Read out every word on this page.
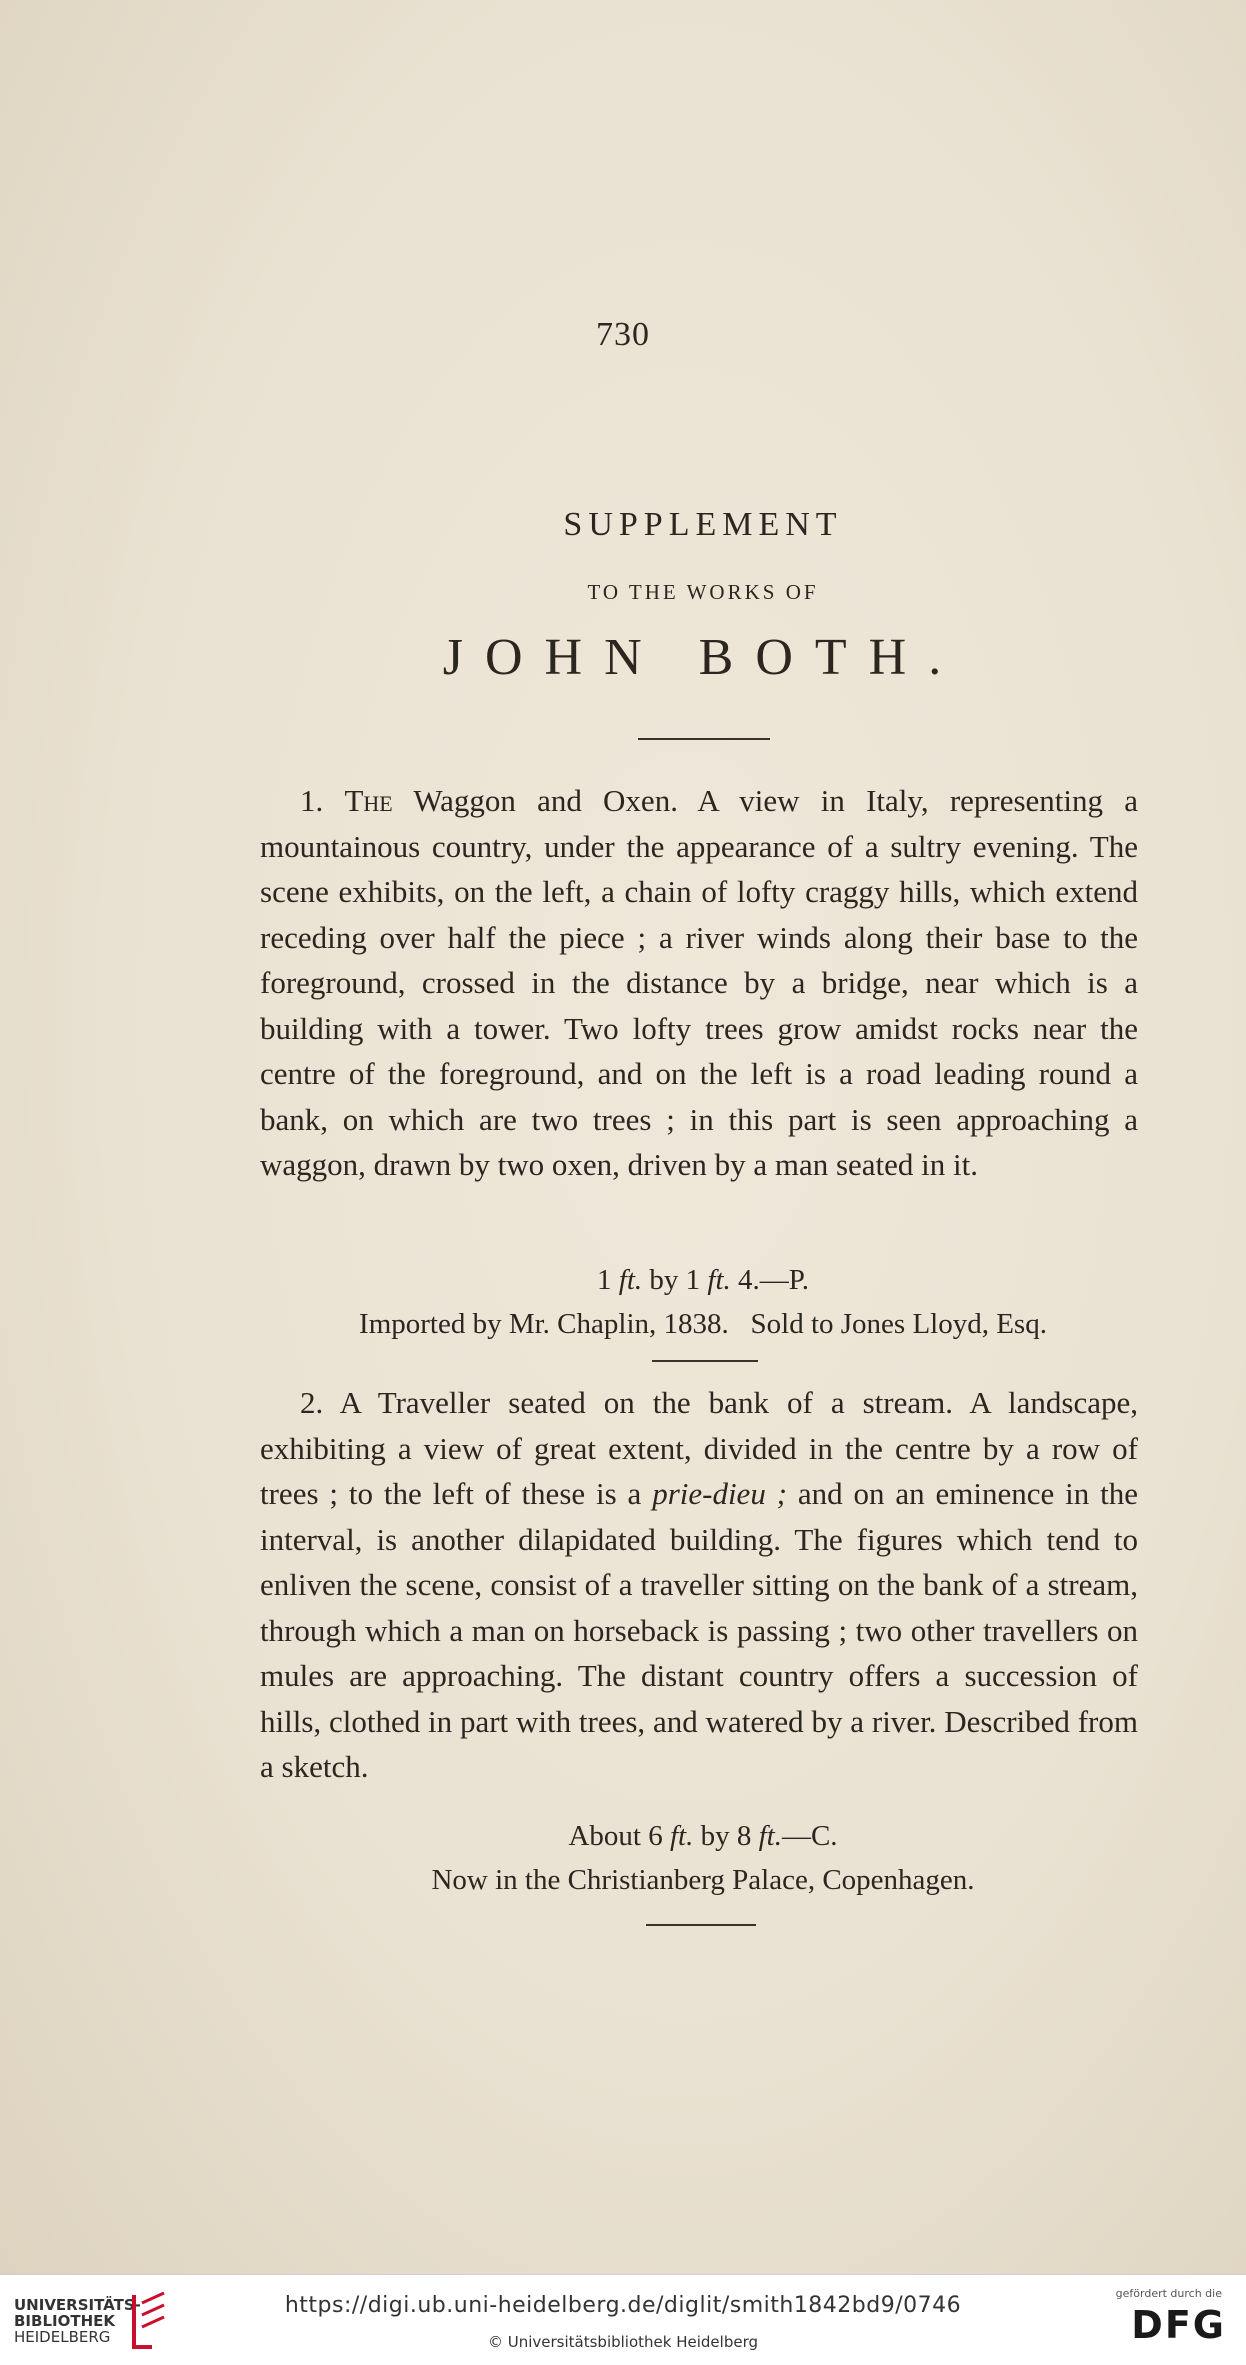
730
SUPPLEMENT
TO THE WORKS OF
JOHN BOTH.
1. The Waggon and Oxen. A view in Italy, representing a mountainous country, under the appearance of a sultry evening. The scene exhibits, on the left, a chain of lofty craggy hills, which extend receding over half the piece ; a river winds along their base to the foreground, crossed in the distance by a bridge, near which is a building with a tower. Two lofty trees grow amidst rocks near the centre of the foreground, and on the left is a road leading round a bank, on which are two trees ; in this part is seen approaching a waggon, drawn by two oxen, driven by a man seated in it.
1 ft. by 1 ft. 4.—P.
Imported by Mr. Chaplin, 1838.   Sold to Jones Lloyd, Esq.
2. A Traveller seated on the bank of a stream. A landscape, exhibiting a view of great extent, divided in the centre by a row of trees ; to the left of these is a prie-dieu ; and on an eminence in the interval, is another dilapidated building. The figures which tend to enliven the scene, consist of a traveller sitting on the bank of a stream, through which a man on horseback is passing ; two other travellers on mules are approaching. The distant country offers a succession of hills, clothed in part with trees, and watered by a river. Described from a sketch.
About 6 ft. by 8 ft.—C.
Now in the Christianberg Palace, Copenhagen.
UNIVERSITÄTS-
BIBLIOTHEK
HEIDELBERG
https://digi.ub.uni-heidelberg.de/diglit/smith1842bd9/0746
© Universitätsbibliothek Heidelberg
gefördert durch die
DFG
